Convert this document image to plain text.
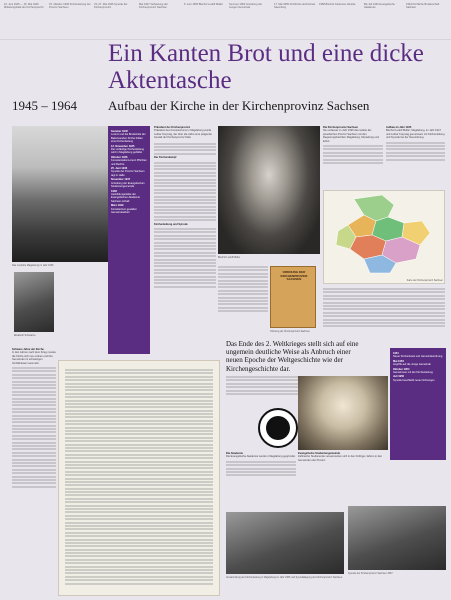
10. Juni 1945 — 15. Mai 1946 Mitteilungsblatt der Kirchenprovinz
15. Oktober 1945 Kirchenleitung der Provinz Sachsen
23.-27. Mai 1946 Synode der Kirchenprovinz
Mai 1947 Verfassung der Kirchenprovinz Sachsen
5. Juni 1950 Bischof Ludolf Müller	Sommer 1952 Gründung der Jungen Gemeinde
17. Mai 1955 Kirchliche Hochschule Naumburg
1958 Bischof Johannes Jänicke	Bis Juli 1961 Evangelische Akademie
1964 Kirchliche Bruderschaft Sachsen
Ein Kanten Brot und eine dicke Aktentasche
1945 – 1964 Aufbau der Kirche in der Kirchenprovinz Sachsen
Das zerstörte Magdeburg im Jahr 1945
Elisabeth Schwartze
Sommer 1945
Lorenz und die Bruderräte der Bekennenden Kirche bilden eine Kirchenleitung
12. November 1945
Die vorläufige Kirchenleitung wird in Magdeburg gebildet
Oktober 1946
Konsistorialrat Lorenz Pflichten und Rechte
25. Juni 1946
Synode der Provinz Sachsen tagt in Halle
November 1947
Gründung der Evangelischen Studentengemeinde
1948
Ausbildungsstätte der Evangelischen Akademie Sachsen-Anhalt
März 1949
Konsistorium gestaltet Gemeindearbeit
Präsident der Kirchenprovinz

Präsident des Konsistoriums in Magdeburg wurde Lothar Kreyssig, der über die Jahre eine prägende Gestalt der Kirchenprovinz blieb.

Der Kirchenkampf
Kirchenleitung und Synode
Bischof Ludolf Müller
ORDNUNG DER KIRCHENPROVINZ SACHSEN
Ordnung der Kirchenprovinz Sachsen
Die Kirchenprovinz Sachsen

Sie umfasste im Jahr 1945 das Gebiet der preußischen Provinz Sachsen mit den Regierungsbezirken Magdeburg, Merseburg und Erfurt.

Aufbau im Jahr 1945

Bischof Ludolf Müller, Magdeburg, im Jahr 1947 und Lothar Kreyssig gemeinsam mit Kirchenleitung und Synode bei der Neuordnung.

Karte der Kirchenprovinz Sachsen
Das Ende des 2. Weltkrieges stellt sich auf eine ungemein deutliche Weise als Anbruch einer neuen Epoche der Weltgeschichte wie der Kirchengeschichte dar.
Schwere Jahre der Kirche

In den Jahren nach dem Krieg musste die Kirche sich neu ordnen und ihre Gemeinden in schwierigen Verhältnissen sammeln.

Die Akademie

Die Evangelische Akademie wurde in Magdeburg gegründet.

Evangelische Studentengemeinde

Zahlreiche Studierende versammelten sich in den fünfziger Jahren in den Gemeinden der Provinz.

1951
Neuer Kirchenkreis und Gemeindeordnung
Mai 1953
Angriffe auf die Junge Gemeinde
Oktober 1954
Gemeinsam mit der Kirchenleitung
Juli 1956
Synode beschließt neue Ordnungen
Versammlung der Kirchenleitung in Magdeburg im Jahr 1955 und Synodaltagung der Kirchenprovinz Sachsen.
Synode der Kirchenprovinz Sachsen 1957
